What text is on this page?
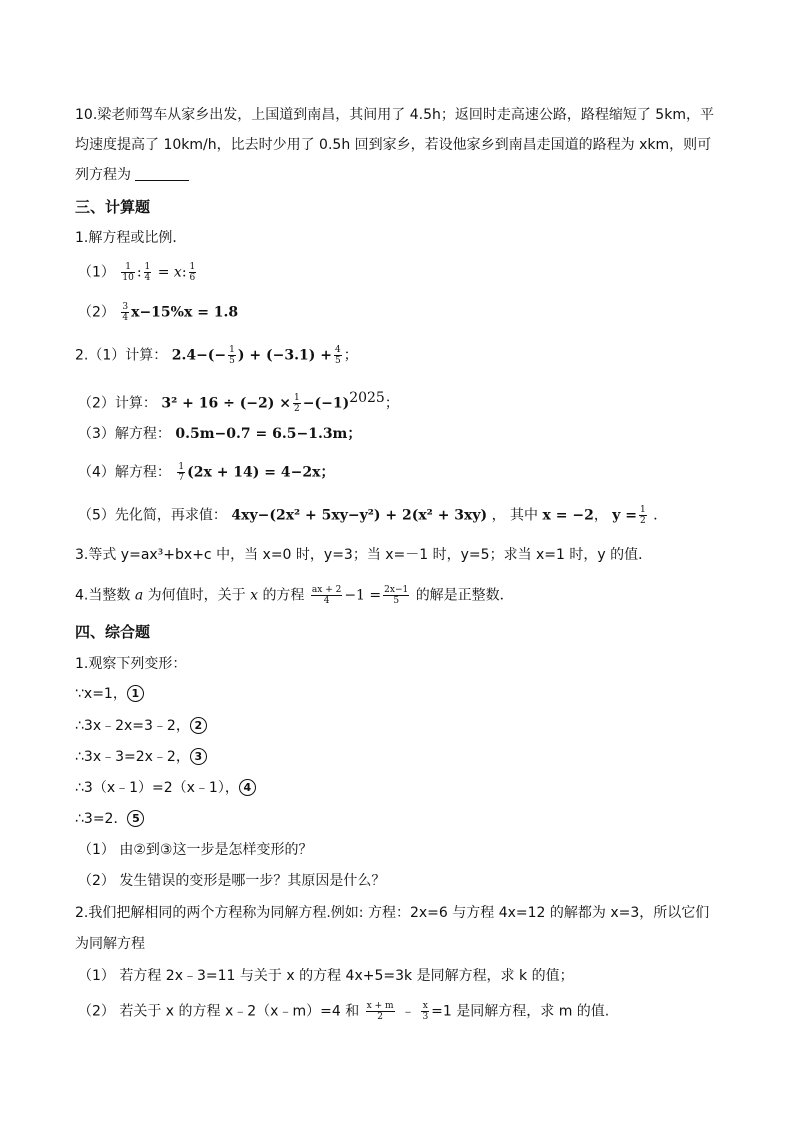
10.梁老师驾车从家乡出发，上国道到南昌，其间用了 4.5h；返回时走高速公路，路程缩短了 5km，平
均速度提高了 10km/h，比去时少用了 0.5h 回到家乡，若设他家乡到南昌走国道的路程为 xkm，则可
列方程为
三、计算题
1.解方程或比例．
$(1) \frac{1}{10}$ : $\frac{1}{4} = x$: $\frac{1}{6}$
$(2) \frac{3}{4} x-15\%x = 1.8$
2.（1）计算： $2.4-(- \frac{1}{5}$ ) + $(-3.1) + \frac{4}{5}$ ；
（2）计算： $3^2 + 16 \div (-2) \times \frac{1}{2} -(-1)^{2025}$；
（3）解方程： 0.5m−0.7 = 6.5−1.3m；
（4）解方程： $\frac{1}{7} (2x + 14) = 4-2x$；
（5）先化简，再求值： 4xy−(2x² + 5xy−y²) + 2(x² + 3xy) ， 其中 x = −2， $y = \frac{1}{2}$ ．
3.等式 y=ax³+bx+c 中，当 x=0 时，y=3；当 x=－1 时，y=5；求当 x=1 时，y 的值．
4.当整数 a 为何值时，关于 x 的方程 $\frac{ax + 2}{4} -1 = \frac{2x-1}{5}$ 的解是正整数．
四、综合题
1.观察下列变形：
∵x=1， 1
∴3x﹣2x=3﹣2， 2
∴3x﹣3=2x﹣2， 3
∴3（x﹣1）=2（x﹣1）， 4
∴3=2． 5
（1） 由②到③这一步是怎样变形的？
（2） 发生错误的变形是哪一步？其原因是什么？
2.我们把解相同的两个方程称为同解方程.例如: 方程：2x=6 与方程 4x=12 的解都为 x=3，所以它们
为同解方程
（1） 若方程 2x﹣3=11 与关于 x 的方程 4x+5=3k 是同解方程，求 k 的值；
（2） 若关于 x 的方程 x﹣2（x﹣m）=4 和 $\frac{x + m}{2}$ ﹣ $\frac{x}{3} =1$ 是同解方程，求 m 的值.
